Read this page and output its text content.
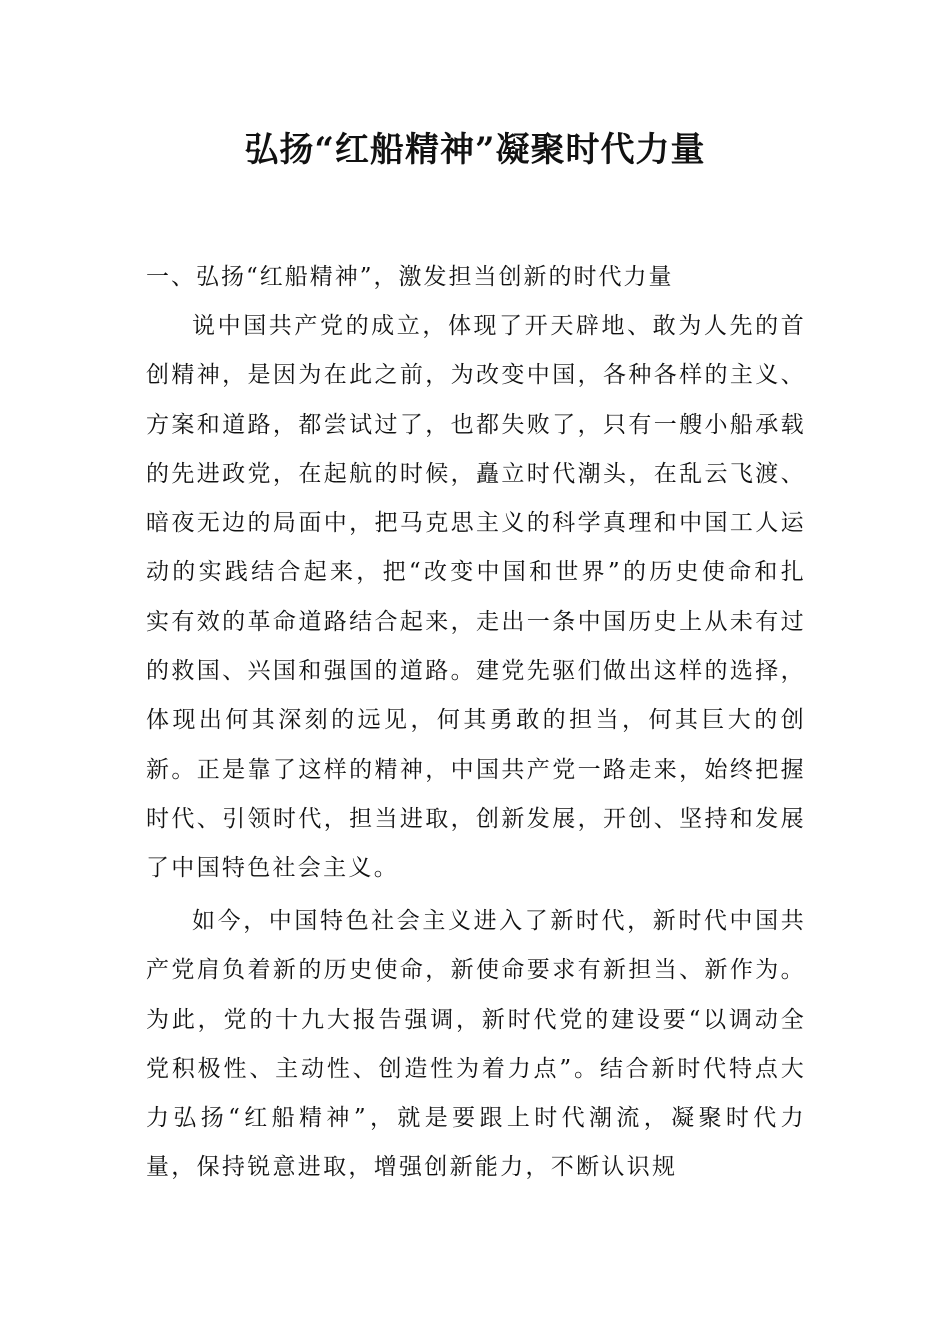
弘扬“红船精神”凝聚时代力量

一、弘扬“红船精神”，激发担当创新的时代力量

说中国共产党的成立，体现了开天辟地、敢为人先的首创精神，是因为在此之前，为改变中国，各种各样的主义、方案和道路，都尝试过了，也都失败了，只有一艘小船承载的先进政党，在起航的时候，矗立时代潮头，在乱云飞渡、暗夜无边的局面中，把马克思主义的科学真理和中国工人运动的实践结合起来，把“改变中国和世界”的历史使命和扎实有效的革命道路结合起来，走出一条中国历史上从未有过的救国、兴国和强国的道路。建党先驱们做出这样的选择，体现出何其深刻的远见，何其勇敢的担当，何其巨大的创新。正是靠了这样的精神，中国共产党一路走来，始终把握时代、引领时代，担当进取，创新发展，开创、坚持和发展了中国特色社会主义。

如今，中国特色社会主义进入了新时代，新时代中国共产党肩负着新的历史使命，新使命要求有新担当、新作为。为此，党的十九大报告强调，新时代党的建设要“以调动全党积极性、主动性、创造性为着力点”。结合新时代特点大力弘扬“红船精神”，就是要跟上时代潮流，凝聚时代力量，保持锐意进取，增强创新能力，不断认识规
